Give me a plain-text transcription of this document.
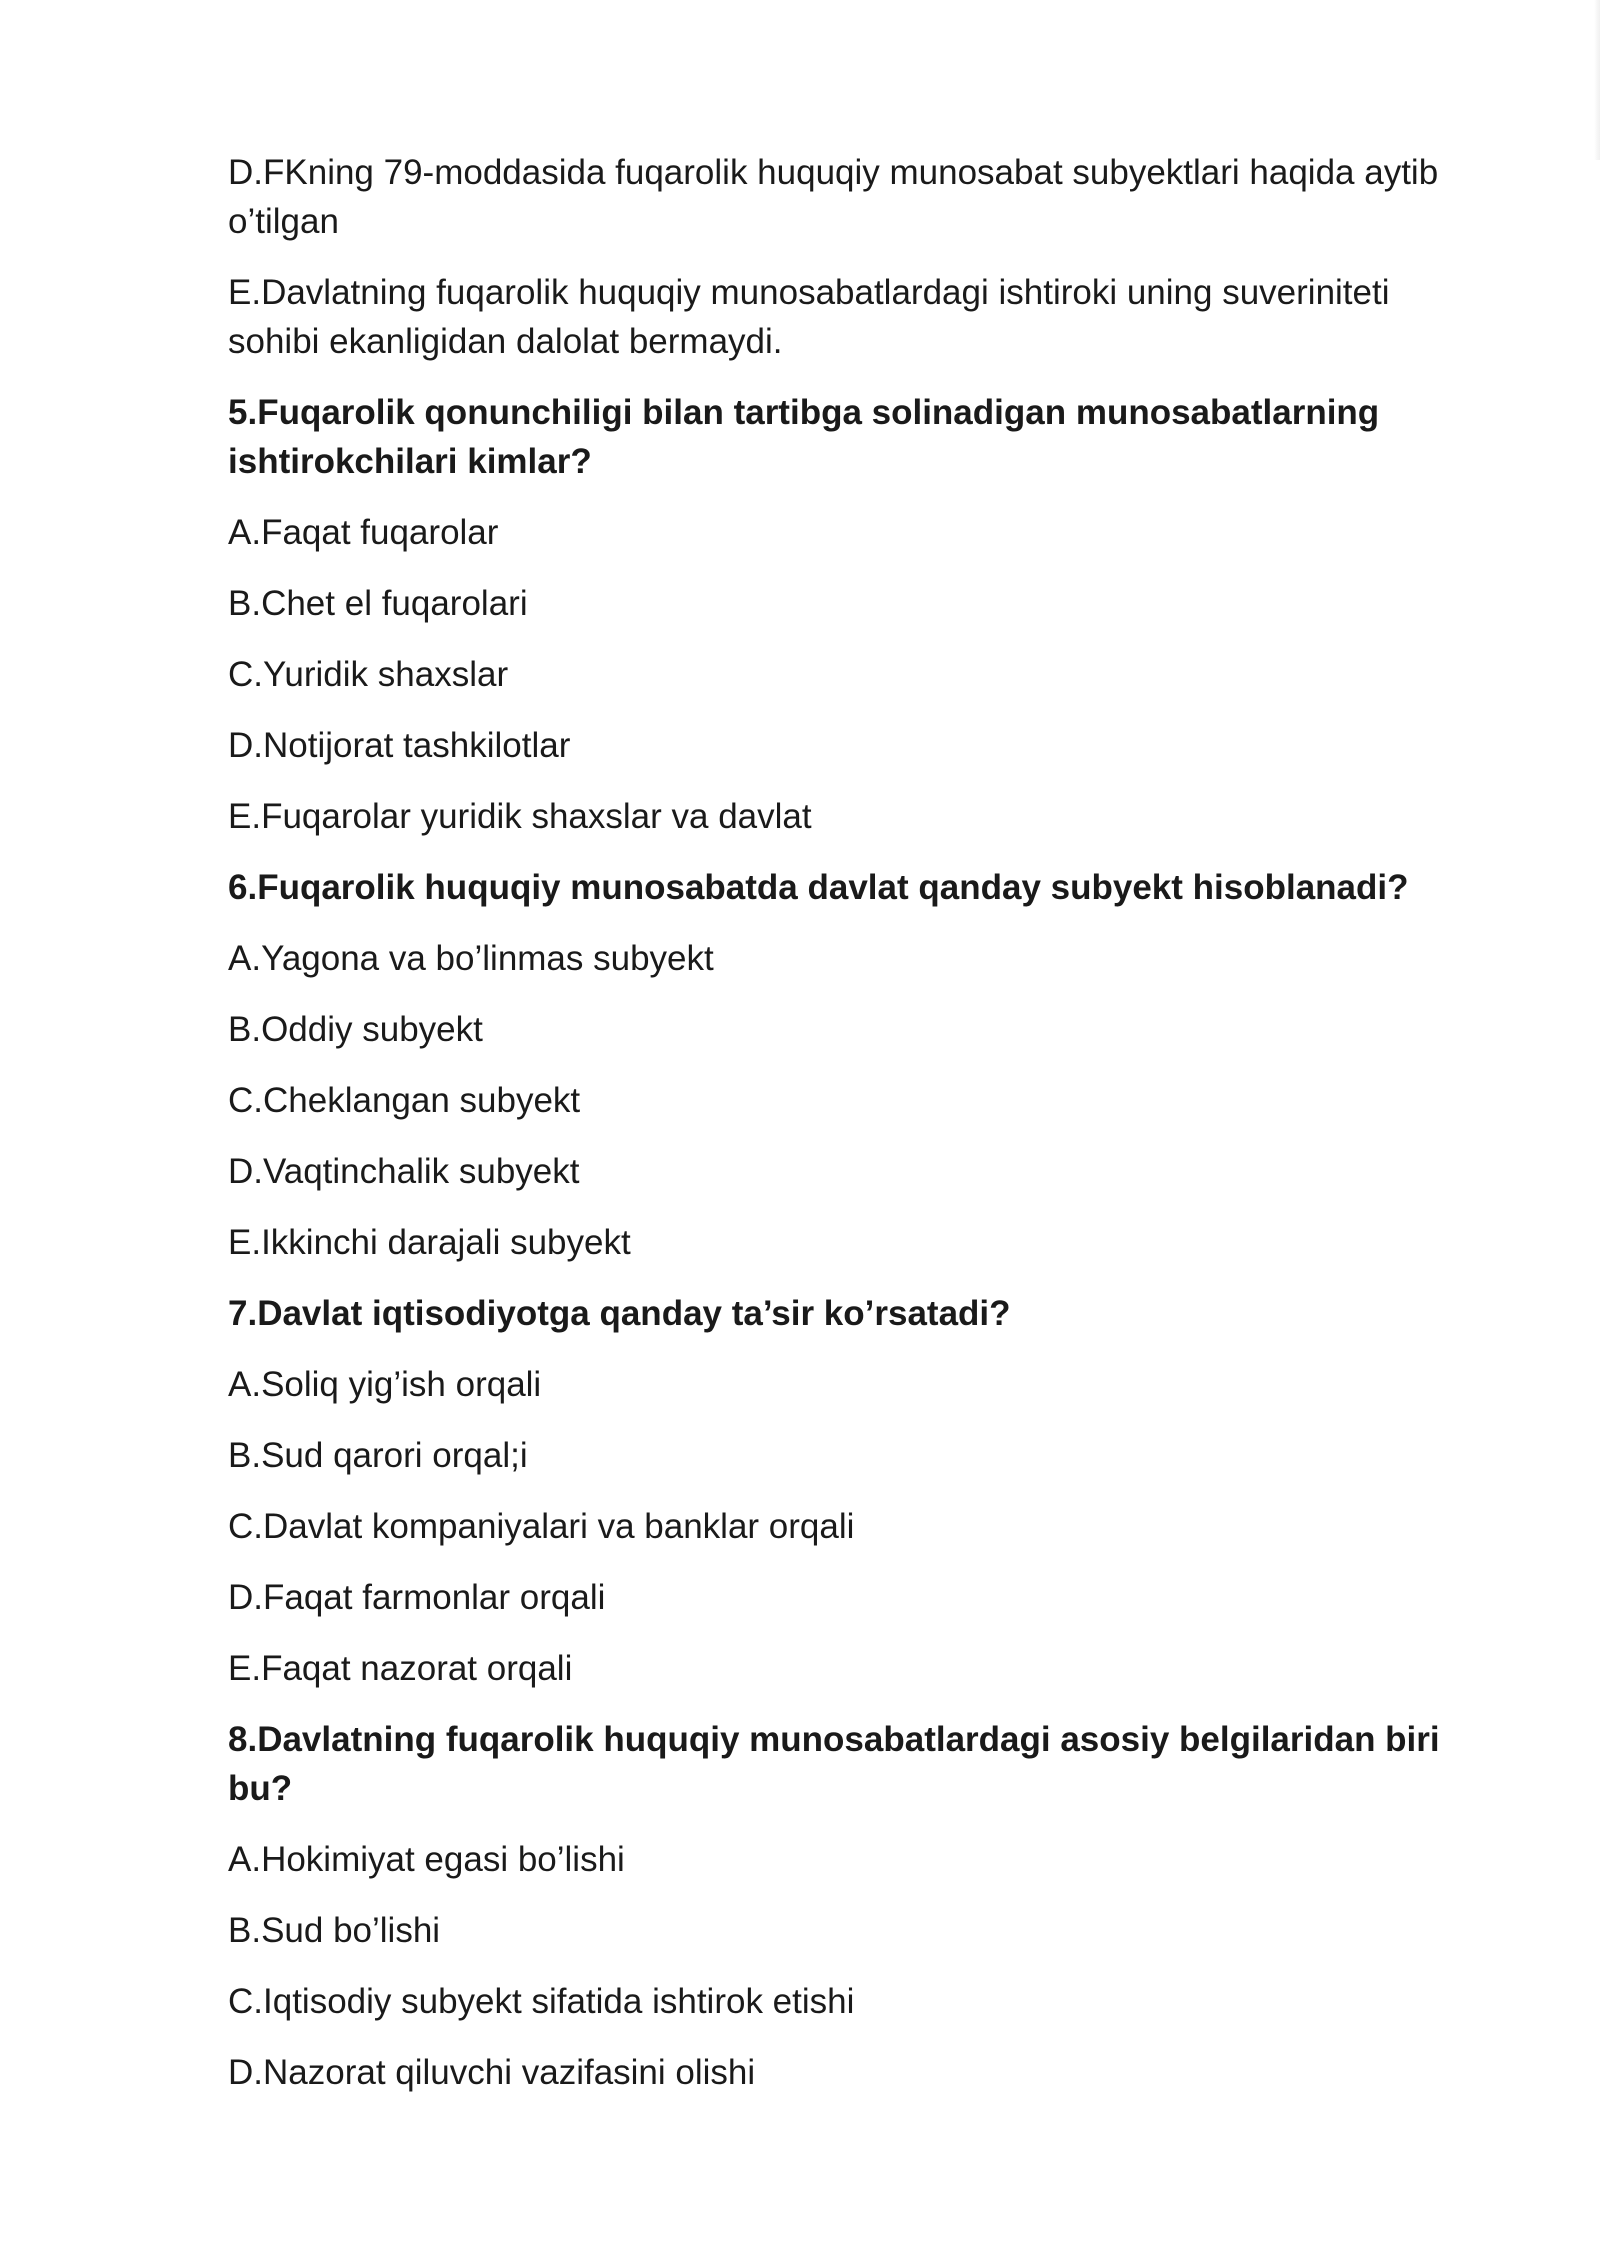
D.FKning 79-moddasida fuqarolik huquqiy munosabat subyektlari haqida aytib o’tilgan

E.Davlatning fuqarolik huquqiy munosabatlardagi ishtiroki uning suveriniteti sohibi ekanligidan dalolat bermaydi.

5.Fuqarolik qonunchiligi bilan tartibga solinadigan munosabatlarning ishtirokchilari kimlar?

A.Faqat fuqarolar

B.Chet el fuqarolari

C.Yuridik shaxslar

D.Notijorat tashkilotlar

E.Fuqarolar yuridik shaxslar va davlat

6.Fuqarolik huquqiy munosabatda davlat qanday subyekt hisoblanadi?

A.Yagona va bo’linmas subyekt

B.Oddiy subyekt

C.Cheklangan subyekt

D.Vaqtinchalik subyekt

E.Ikkinchi darajali subyekt

7.Davlat iqtisodiyotga qanday ta’sir ko’rsatadi?

A.Soliq yig’ish orqali

B.Sud qarori orqal;i

C.Davlat kompaniyalari va banklar orqali

D.Faqat farmonlar orqali

E.Faqat nazorat orqali

8.Davlatning fuqarolik huquqiy munosabatlardagi asosiy belgilaridan biri bu?

A.Hokimiyat egasi bo’lishi

B.Sud bo’lishi

C.Iqtisodiy subyekt sifatida ishtirok etishi

D.Nazorat qiluvchi vazifasini olishi
